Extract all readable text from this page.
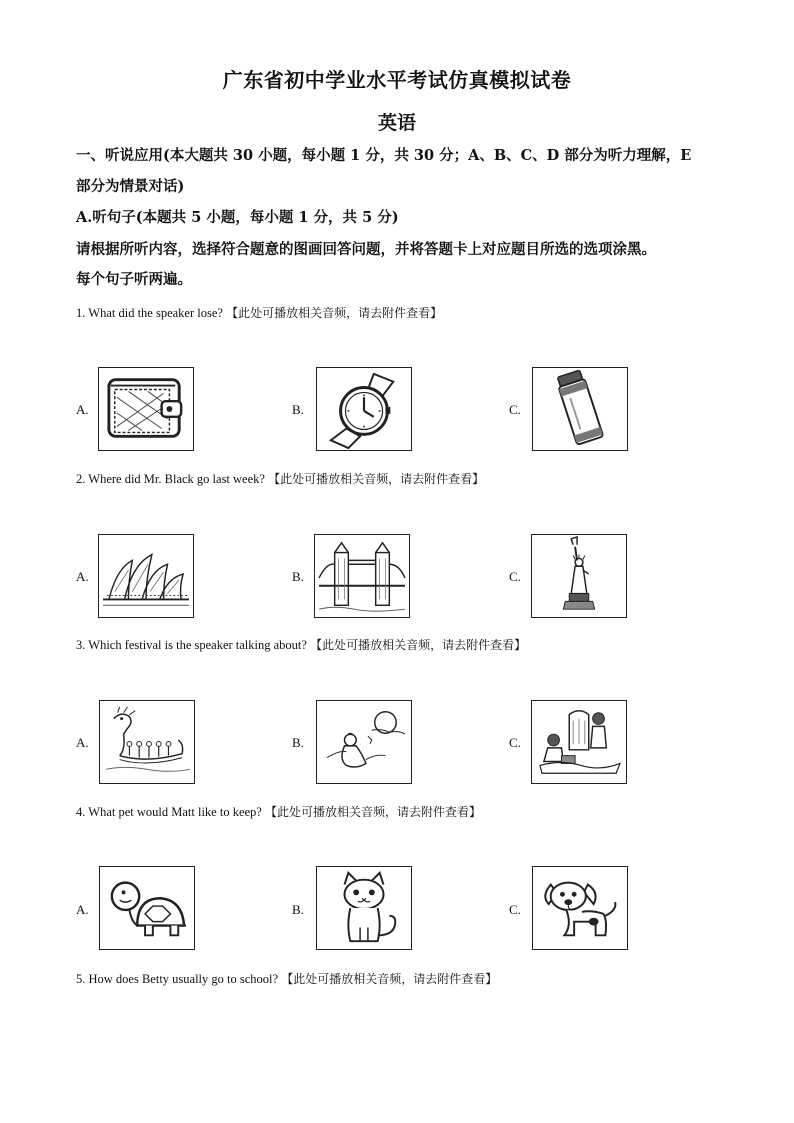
广东省初中学业水平考试仿真模拟试卷
英语
一、听说应用(本大题共 30 小题，每小题 1 分，共 30 分；A、B、C、D 部分为听力理解，E
部分为情景对话)
A.听句子(本题共 5 小题，每小题 1 分，共 5 分)
请根据所听内容，选择符合题意的图画回答问题，并将答题卡上对应题目所选的选项涂黑。
每个句子听两遍。
1. What did the speaker lose? 【此处可播放相关音频，请去附件查看】
A.	B.	C.
2. Where did Mr. Black go last week? 【此处可播放相关音频，请去附件查看】
A.	B.	C.
3. Which festival is the speaker talking about? 【此处可播放相关音频，请去附件查看】
A.	B.	C.
4. What pet would Matt like to keep? 【此处可播放相关音频，请去附件查看】
A.	B.	C.
5. How does Betty usually go to school? 【此处可播放相关音频，请去附件查看】
